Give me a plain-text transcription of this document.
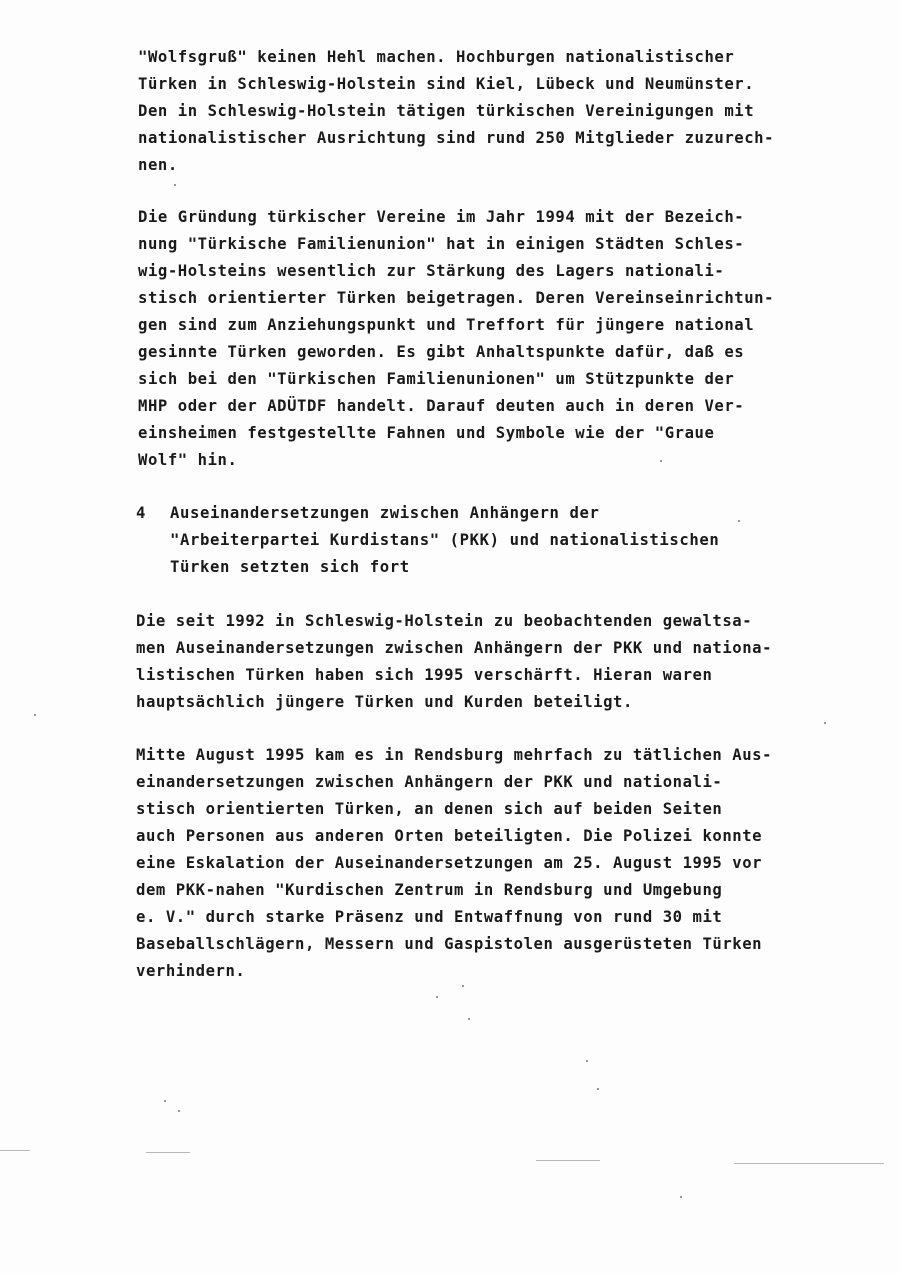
"Wolfsgruß" keinen Hehl machen. Hochburgen nationalistischer
Türken in Schleswig-Holstein sind Kiel, Lübeck und Neumünster.
Den in Schleswig-Holstein tätigen türkischen Vereinigungen mit
nationalistischer Ausrichtung sind rund 250 Mitglieder zuzurech-
nen.
Die Gründung türkischer Vereine im Jahr 1994 mit der Bezeich-
nung "Türkische Familienunion" hat in einigen Städten Schles-
wig-Holsteins wesentlich zur Stärkung des Lagers nationali-
stisch orientierter Türken beigetragen. Deren Vereinseinrichtun-
gen sind zum Anziehungspunkt und Treffort für jüngere national
gesinnte Türken geworden. Es gibt Anhaltspunkte dafür, daß es
sich bei den "Türkischen Familienunionen" um Stützpunkte der
MHP oder der ADÜTDF handelt. Darauf deuten auch in deren Ver-
einsheimen festgestellte Fahnen und Symbole wie der "Graue
Wolf" hin.
4 Auseinandersetzungen zwischen Anhängern der
"Arbeiterpartei Kurdistans" (PKK) und nationalistischen
Türken setzten sich fort
Die seit 1992 in Schleswig-Holstein zu beobachtenden gewaltsa-
men Auseinandersetzungen zwischen Anhängern der PKK und nationa-
listischen Türken haben sich 1995 verschärft. Hieran waren
hauptsächlich jüngere Türken und Kurden beteiligt.
Mitte August 1995 kam es in Rendsburg mehrfach zu tätlichen Aus-
einandersetzungen zwischen Anhängern der PKK und nationali-
stisch orientierten Türken, an denen sich auf beiden Seiten
auch Personen aus anderen Orten beteiligten. Die Polizei konnte
eine Eskalation der Auseinandersetzungen am 25. August 1995 vor
dem PKK-nahen "Kurdischen Zentrum in Rendsburg und Umgebung
e. V." durch starke Präsenz und Entwaffnung von rund 30 mit
Baseballschlägern, Messern und Gaspistolen ausgerüsteten Türken
verhindern.
